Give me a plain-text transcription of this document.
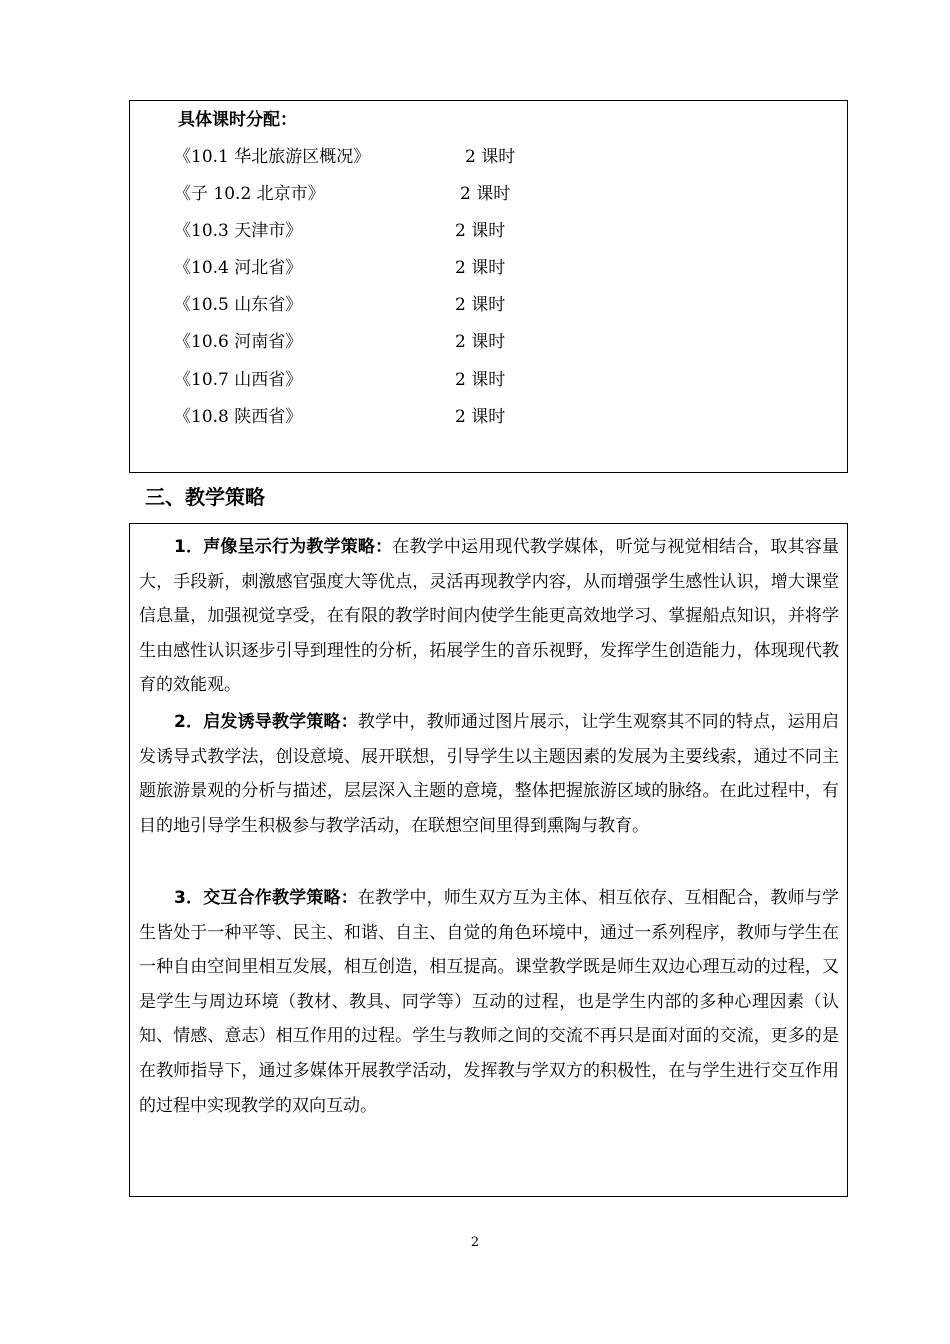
具体课时分配：
《10.1 华北旅游区概况》	2 课时
《子 10.2 北京市》	2 课时
《10.3 天津市》	2 课时
《10.4 河北省》	2 课时
《10.5 山东省》	2 课时
《10.6 河南省》	2 课时
《10.7 山西省》	2 课时
《10.8 陕西省》	2 课时
三、教学策略
1．声像呈示行为教学策略：在教学中运用现代教学媒体，听觉与视觉相结合，取其容量大，手段新，刺激感官强度大等优点，灵活再现教学内容，从而增强学生感性认识，增大课堂信息量，加强视觉享受，在有限的教学时间内使学生能更高效地学习、掌握船点知识，并将学生由感性认识逐步引导到理性的分析，拓展学生的音乐视野，发挥学生创造能力，体现现代教育的效能观。
2．启发诱导教学策略：教学中，教师通过图片展示，让学生观察其不同的特点，运用启发诱导式教学法，创设意境、展开联想，引导学生以主题因素的发展为主要线索，通过不同主题旅游景观的分析与描述，层层深入主题的意境，整体把握旅游区域的脉络。在此过程中，有目的地引导学生积极参与教学活动，在联想空间里得到熏陶与教育。
3．交互合作教学策略：在教学中，师生双方互为主体、相互依存、互相配合，教师与学生皆处于一种平等、民主、和谐、自主、自觉的角色环境中，通过一系列程序，教师与学生在一种自由空间里相互发展，相互创造，相互提高。课堂教学既是师生双边心理互动的过程，又是学生与周边环境（教材、教具、同学等）互动的过程，也是学生内部的多种心理因素（认知、情感、意志）相互作用的过程。学生与教师之间的交流不再只是面对面的交流，更多的是在教师指导下，通过多媒体开展教学活动，发挥教与学双方的积极性，在与学生进行交互作用的过程中实现教学的双向互动。
2
